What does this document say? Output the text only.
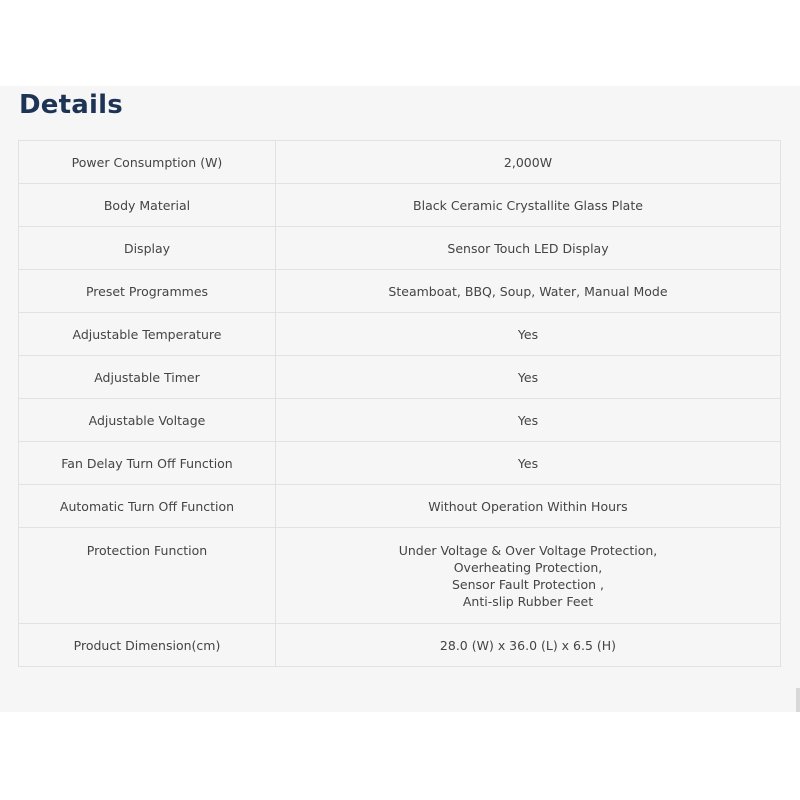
Details
Power Consumption (W)	2,000W
Body Material	Black Ceramic Crystallite Glass Plate
Display	Sensor Touch LED Display
Preset Programmes	Steamboat, BBQ, Soup, Water, Manual Mode
Adjustable Temperature	Yes
Adjustable Timer	Yes
Adjustable Voltage	Yes
Fan Delay Turn Off Function	Yes
Automatic Turn Off Function	Without Operation Within Hours
Protection Function	Under Voltage & Over Voltage Protection,
Overheating Protection,
Sensor Fault Protection ,
Anti-slip Rubber Feet

Product Dimension(cm)	28.0 (W) x 36.0 (L) x 6.5 (H)
